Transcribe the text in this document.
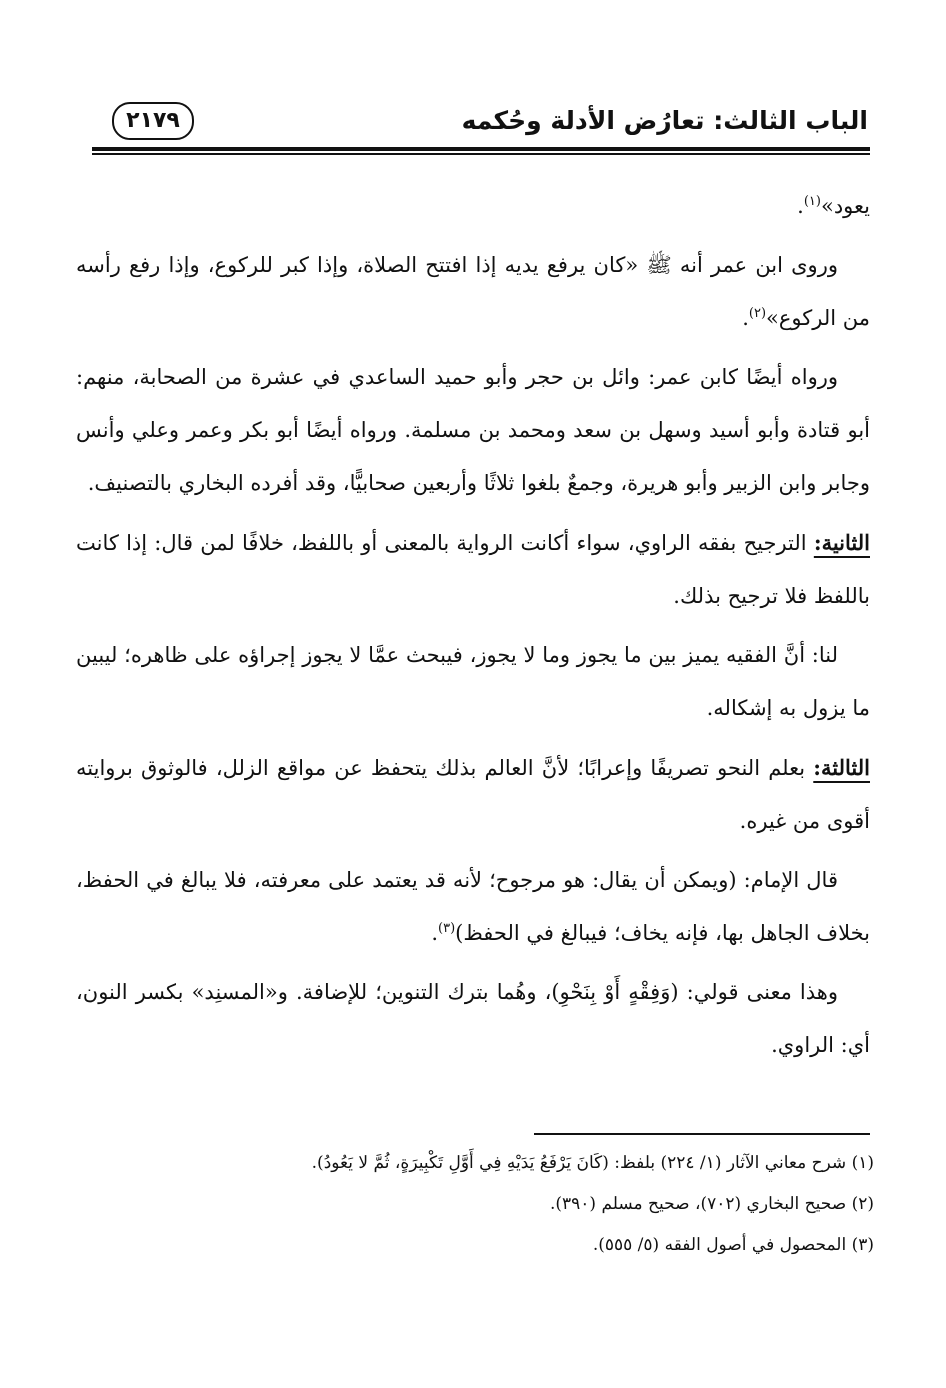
الباب الثالث: تعارُض الأدلة وحُكمه
٢١٧٩

يعود»$^{(١)}$.

وروى ابن عمر أنه ﷺ «كان يرفع يديه إذا افتتح الصلاة، وإذا كبر للركوع، وإذا رفع رأسه من الركوع»$^{(٢)}$.

ورواه أيضًا كابن عمر: وائل بن حجر وأبو حميد الساعدي في عشرة من الصحابة، منهم: أبو قتادة وأبو أسيد وسهل بن سعد ومحمد بن مسلمة. ورواه أيضًا أبو بكر وعمر وعلي وأنس وجابر وابن الزبير وأبو هريرة، وجمعٌ بلغوا ثلاثًا وأربعين صحابيًّا، وقد أفرده البخاري بالتصنيف.

الثانية: الترجيح بفقه الراوي، سواء أكانت الرواية بالمعنى أو باللفظ، خلافًا لمن قال: إذا كانت باللفظ فلا ترجيح بذلك.

لنا: أنَّ الفقيه يميز بين ما يجوز وما لا يجوز، فيبحث عمَّا لا يجوز إجراؤه على ظاهره؛ ليبين ما يزول به إشكاله.

الثالثة: بعلم النحو تصريفًا وإعرابًا؛ لأنَّ العالم بذلك يتحفظ عن مواقع الزلل، فالوثوق بروايته أقوى من غيره.

قال الإمام: (ويمكن أن يقال: هو مرجوح؛ لأنه قد يعتمد على معرفته، فلا يبالغ في الحفظ، بخلاف الجاهل بها، فإنه يخاف؛ فيبالغ في الحفظ)$^{(٣)}$.

وهذا معنى قولي: (وَفِقْهٍ أَوْ بِنَحْوِ)، وهُما بترك التنوين؛ للإضافة. و«المسنِد» بكسر النون، أي: الراوي.

(١) شرح معاني الآثار (١/ ٢٢٤) بلفظ: (كَانَ يَرْفَعُ يَدَيْهِ فِي أَوَّلِ تَكْبِيرَةٍ، ثُمَّ لا يَعُودُ).

(٢) صحيح البخاري (٧٠٢)، صحيح مسلم (٣٩٠).

(٣) المحصول في أصول الفقه (٥/ ٥٥٥).
